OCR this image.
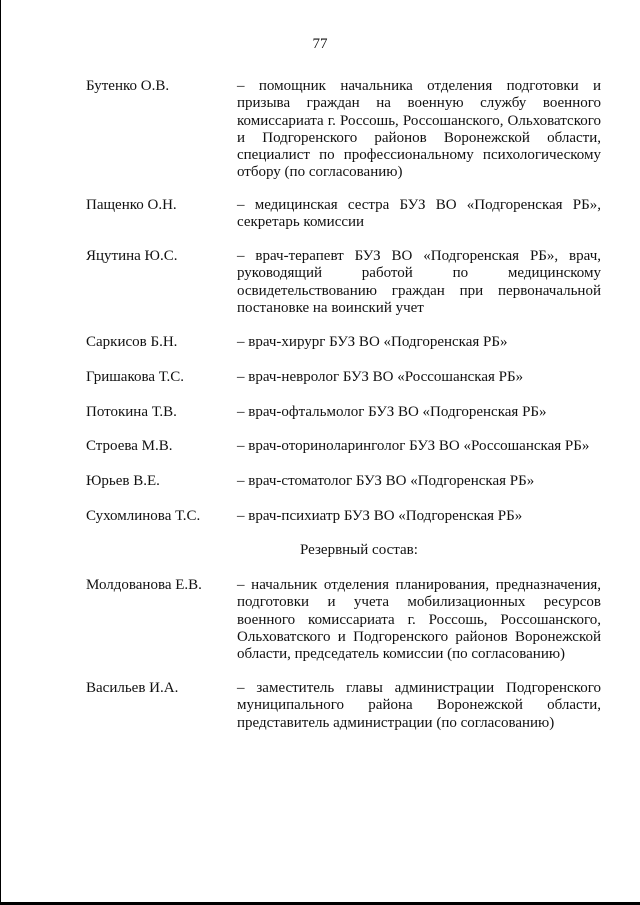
77
Бутенко О.В.	– помощник начальника отделения подготовки и призыва граждан на военную службу военного комиссариата г. Россошь, Россошанского, Ольховатского и Подгоренского районов Воронежской области, специалист по профессиональному психологическому отбору (по согласованию)
Пащенко О.Н.	– медицинская сестра БУЗ ВО «Подгоренская РБ», секретарь комиссии
Яцутина Ю.С.	– врач-терапевт БУЗ ВО «Подгоренская РБ», врач, руководящий работой по медицинскому освидетельствованию граждан при первоначальной постановке на воинский учет
Саркисов Б.Н.	– врач-хирург БУЗ ВО «Подгоренская РБ»
Гришакова Т.С.	– врач-невролог БУЗ ВО «Россошанская РБ»
Потокина Т.В.	– врач-офтальмолог БУЗ ВО «Подгоренская РБ»
Строева М.В.	– врач-оториноларинголог БУЗ ВО «Россошанская РБ»
Юрьев В.Е.	– врач-стоматолог БУЗ ВО «Подгоренская РБ»
Сухомлинова Т.С. – врач-психиатр БУЗ ВО «Подгоренская РБ»
Резервный состав:
Молдованова Е.В. – начальник отделения планирования, предназначения, подготовки и учета мобилизационных ресурсов военного комиссариата г. Россошь, Россошанского, Ольховатского и Подгоренского районов Воронежской области, председатель комиссии (по согласованию)
Васильев И.А.	– заместитель главы администрации Подгоренского муниципального района Воронежской области, представитель администрации (по согласованию)
